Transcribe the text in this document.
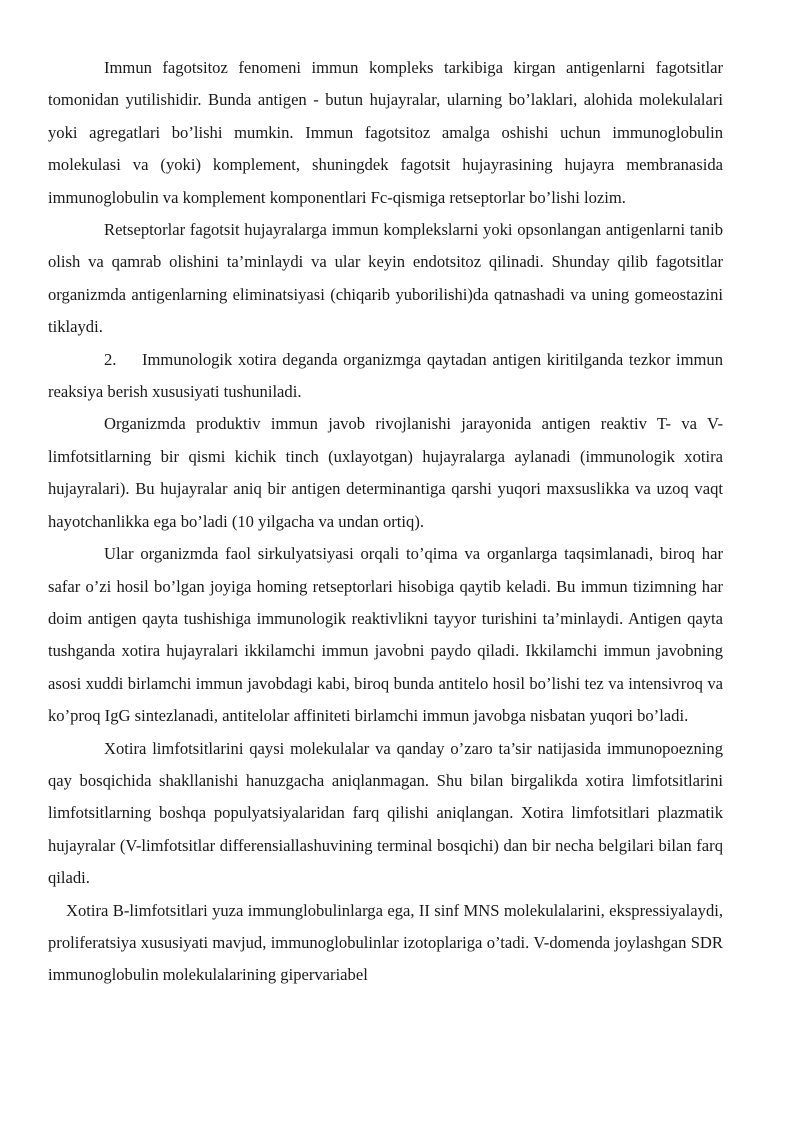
Immun fagotsitoz fenomeni immun kompleks tarkibiga kirgan antigenlarni fagotsitlar tomonidan yutilishidir. Bunda antigen - butun hujayralar, ularning bo’laklari, alohida molekulalari yoki agregatlari bo’lishi mumkin. Immun fagotsitoz amalga oshishi uchun immunoglobulin molekulasi va (yoki) komplement, shuningdek fagotsit hujayrasining hujayra membranasida immunoglobulin va komplement komponentlari Fc-qismiga retseptorlar bo’lishi lozim.

Retseptorlar fagotsit hujayralarga immun komplekslarni yoki opsonlangan antigenlarni tanib olish va qamrab olishini ta’minlaydi va ular keyin endotsitoz qilinadi. Shunday qilib fagotsitlar organizmda antigenlarning eliminatsiyasi (chiqarib yuborilishi)da qatnashadi va uning gomeostazini tiklaydi.

2. Immunologik xotira deganda organizmga qaytadan antigen kiritilganda tezkor immun reaksiya berish xususiyati tushuniladi.

Organizmda produktiv immun javob rivojlanishi jarayonida antigen reaktiv T- va V- limfotsitlarning bir qismi kichik tinch (uxlayotgan) hujayralarga aylanadi (immunologik xotira hujayralari). Bu hujayralar aniq bir antigen determinantiga qarshi yuqori maxsuslikka va uzoq vaqt hayotchanlikka ega bo’ladi (10 yilgacha va undan ortiq).

Ular organizmda faol sirkulyatsiyasi orqali to’qima va organlarga taqsimlanadi, biroq har safar o’zi hosil bo’lgan joyiga homing retseptorlari hisobiga qaytib keladi. Bu immun tizimning har doim antigen qayta tushishiga immunologik reaktivlikni tayyor turishini ta’minlaydi. Antigen qayta tushganda xotira hujayralari ikkilamchi immun javobni paydo qiladi. Ikkilamchi immun javobning asosi xuddi birlamchi immun javobdagi kabi, biroq bunda antitelo hosil bo’lishi tez va intensivroq va ko’proq IgG sintezlanadi, antitelolar affiniteti birlamchi immun javobga nisbatan yuqori bo’ladi.

Xotira limfotsitlarini qaysi molekulalar va qanday o’zaro ta’sir natijasida immunopoezning qay bosqichida shakllanishi hanuzgacha aniqlanmagan. Shu bilan birgalikda xotira limfotsitlarini limfotsitlarning boshqa populyatsiyalaridan farq qilishi aniqlangan. Xotira limfotsitlari plazmatik hujayralar (V-limfotsitlar differensiallashuvining terminal bosqichi) dan bir necha belgilari bilan farq qiladi.

Xotira B-limfotsitlari yuza immunglobulinlarga ega, II sinf MNS molekulalarini, ekspressiyalaydi, proliferatsiya xususiyati mavjud, immunoglobulinlar izotoplariga o’tadi. V-domenda joylashgan SDR immunoglobulin molekulalarining gipervariabel
